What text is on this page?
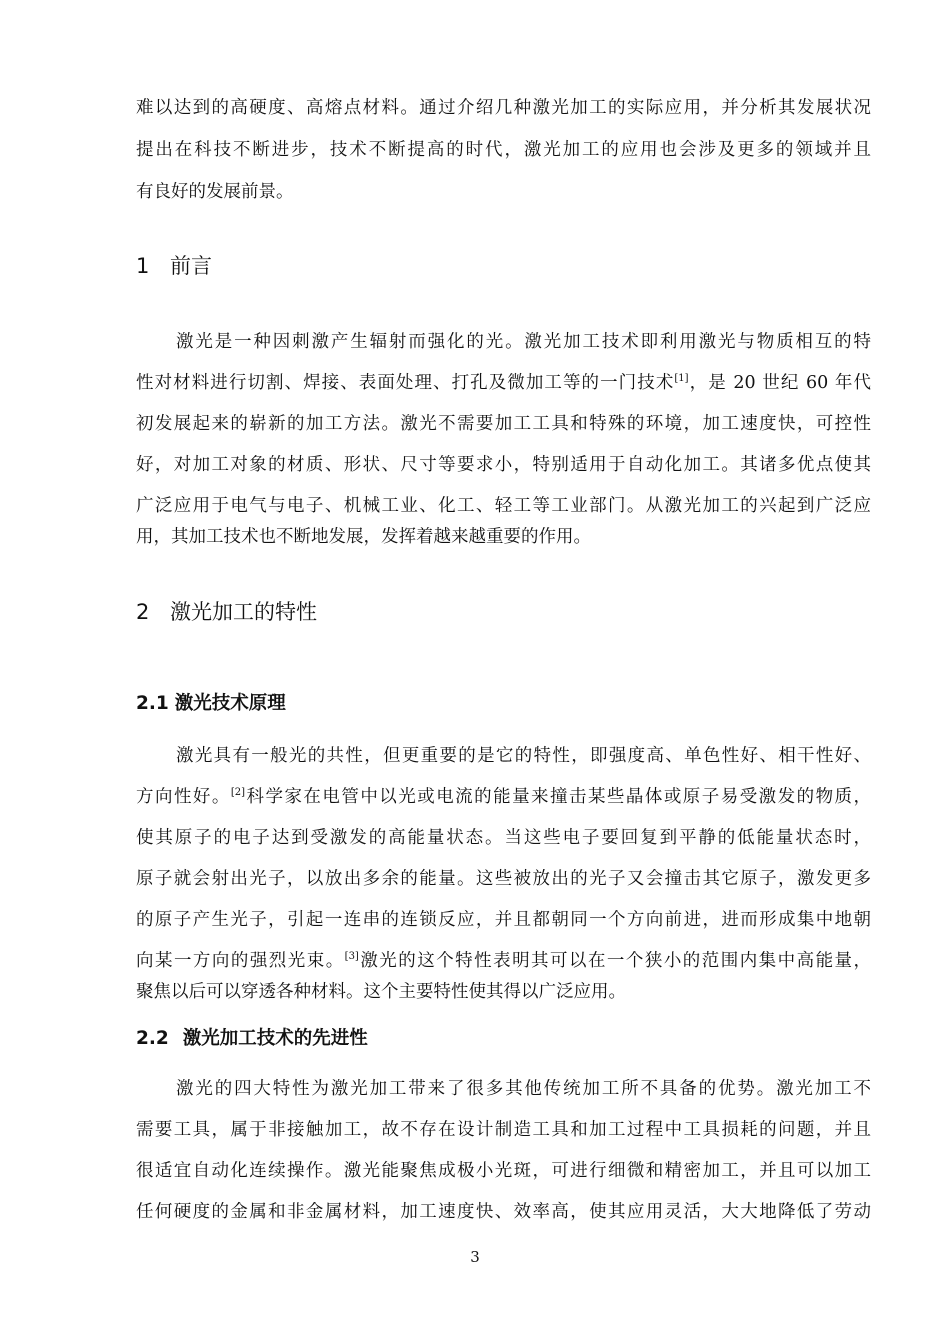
难以达到的高硬度、高熔点材料。通过介绍几种激光加工的实际应用，并分析其发展状况
提出在科技不断进步，技术不断提高的时代，激光加工的应用也会涉及更多的领域并且
有良好的发展前景。
1 前言
激光是一种因刺激产生辐射而强化的光。激光加工技术即利用激光与物质相互的特
性对材料进行切割、焊接、表面处理、打孔及微加工等的一门技术[1]，是 20 世纪 60 年代
初发展起来的崭新的加工方法。激光不需要加工工具和特殊的环境，加工速度快，可控性
好，对加工对象的材质、形状、尺寸等要求小，特别适用于自动化加工。其诸多优点使其
广泛应用于电气与电子、机械工业、化工、轻工等工业部门。从激光加工的兴起到广泛应
用，其加工技术也不断地发展，发挥着越来越重要的作用。
2 激光加工的特性
2.1 激光技术原理
激光具有一般光的共性，但更重要的是它的特性，即强度高、单色性好、相干性好、
方向性好。[2]科学家在电管中以光或电流的能量来撞击某些晶体或原子易受激发的物质，
使其原子的电子达到受激发的高能量状态。当这些电子要回复到平静的低能量状态时，
原子就会射出光子，以放出多余的能量。这些被放出的光子又会撞击其它原子，激发更多
的原子产生光子，引起一连串的连锁反应，并且都朝同一个方向前进，进而形成集中地朝
向某一方向的强烈光束。[3]激光的这个特性表明其可以在一个狭小的范围内集中高能量，
聚焦以后可以穿透各种材料。这个主要特性使其得以广泛应用。
2.2 激光加工技术的先进性
激光的四大特性为激光加工带来了很多其他传统加工所不具备的优势。激光加工不
需要工具，属于非接触加工，故不存在设计制造工具和加工过程中工具损耗的问题，并且
很适宜自动化连续操作。激光能聚焦成极小光斑，可进行细微和精密加工，并且可以加工
任何硬度的金属和非金属材料，加工速度快、效率高，使其应用灵活，大大地降低了劳动
3
